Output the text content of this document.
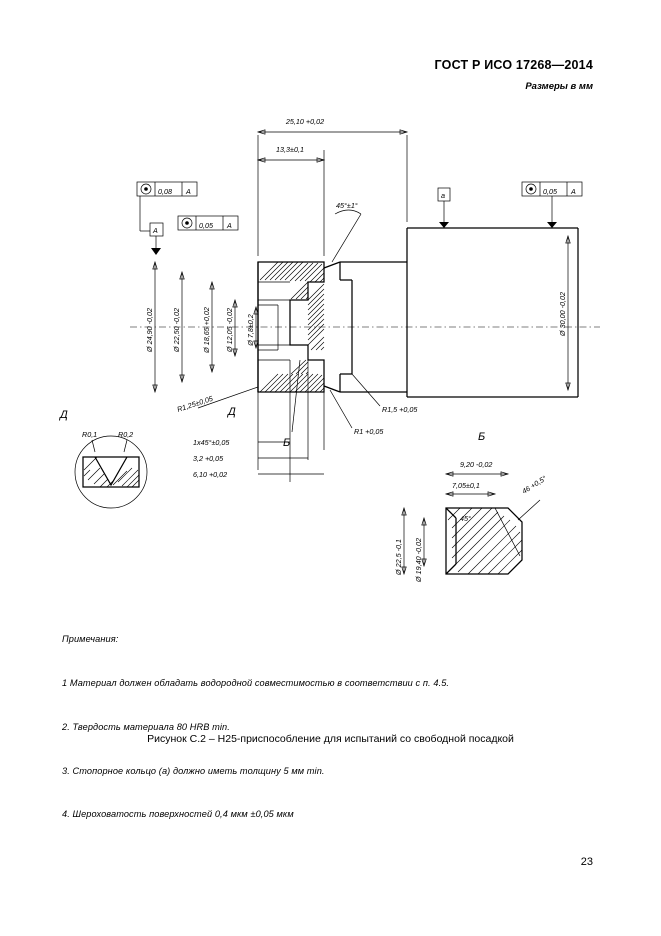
ГОСТ Р ИСО 17268—2014
Размеры в мм
25,10 +0,02
13,3±0,1
0,08 A
0,05 A
0,05 A
A
a
45°±1°
Ø 24,90 -0,02	Ø 22,50 -0,02	Ø 18,65 +0,02 Ø 12,05 -0,02 Ø 7,8±0,2	Ø 30,00 -0,02
R1,25±0,05
1х45°±0,05
3,2 +0,05
6,10 +0,02
R1,5 +0,05
R1 +0,05
Д
Б
Д
R0,1	R0,2	Б
9,20 -0,02
7,05±0,1
45°
46 +0,5°
Ø 22,5 -0,1 Ø 19,40 -0,02

Примечания:

1 Материал должен обладать водородной совместимостью в соответствии с п. 4.5.

2. Твердость материала 80 HRB min.

3. Стопорное кольцо (а) должно иметь толщину 5 мм min.

4. Шероховатость поверхностей 0,4 мкм ±0,05 мкм

Рисунок С.2 – Н25-приспособление для испытаний со свободной посадкой
23
